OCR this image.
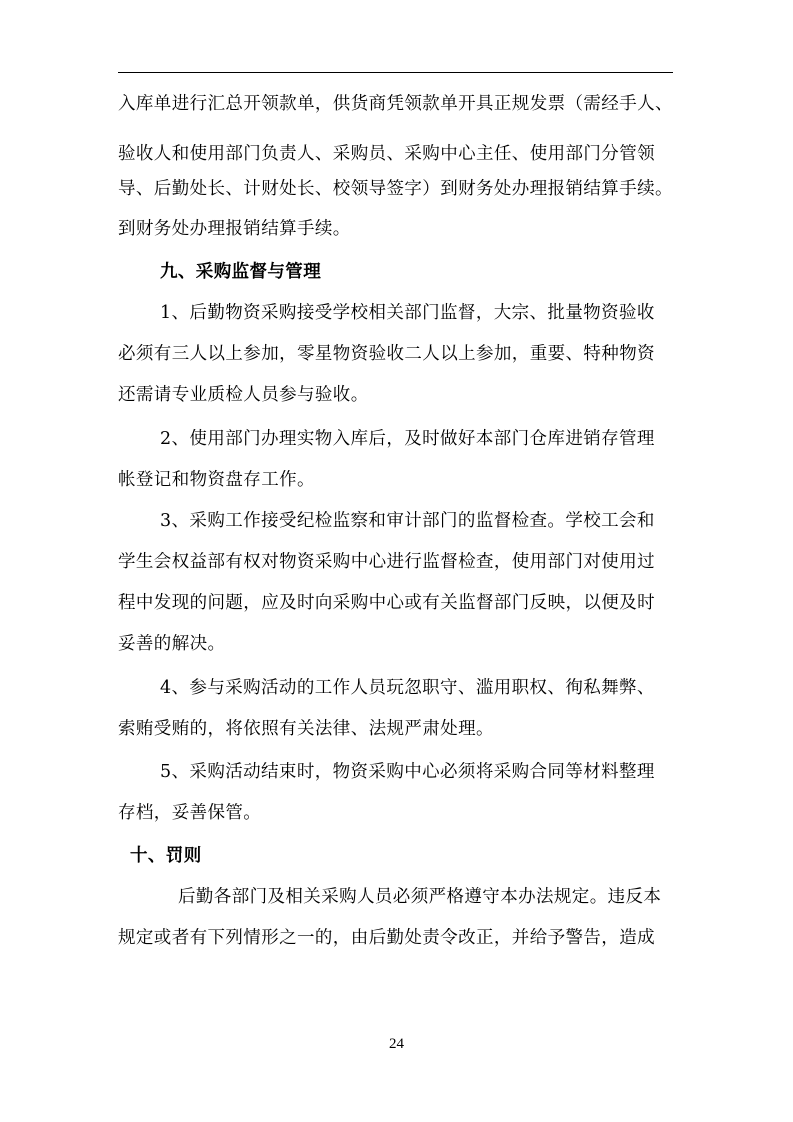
入库单进行汇总开领款单，供货商凭领款单开具正规发票（需经手人、
验收人和使用部门负责人、采购员、采购中心主任、使用部门分管领
导、后勤处长、计财处长、校领导签字）到财务处办理报销结算手续。
到财务处办理报销结算手续。
九、采购监督与管理
1、后勤物资采购接受学校相关部门监督，大宗、批量物资验收
必须有三人以上参加，零星物资验收二人以上参加，重要、特种物资
还需请专业质检人员参与验收。
2、使用部门办理实物入库后，及时做好本部门仓库进销存管理
帐登记和物资盘存工作。
3、采购工作接受纪检监察和审计部门的监督检查。学校工会和
学生会权益部有权对物资采购中心进行监督检查，使用部门对使用过
程中发现的问题，应及时向采购中心或有关监督部门反映，以便及时
妥善的解决。
4、参与采购活动的工作人员玩忽职守、滥用职权、徇私舞弊、
索贿受贿的，将依照有关法律、法规严肃处理。
5、采购活动结束时，物资采购中心必须将采购合同等材料整理
存档，妥善保管。
十、罚则
后勤各部门及相关采购人员必须严格遵守本办法规定。违反本
规定或者有下列情形之一的，由后勤处责令改正，并给予警告，造成
24
